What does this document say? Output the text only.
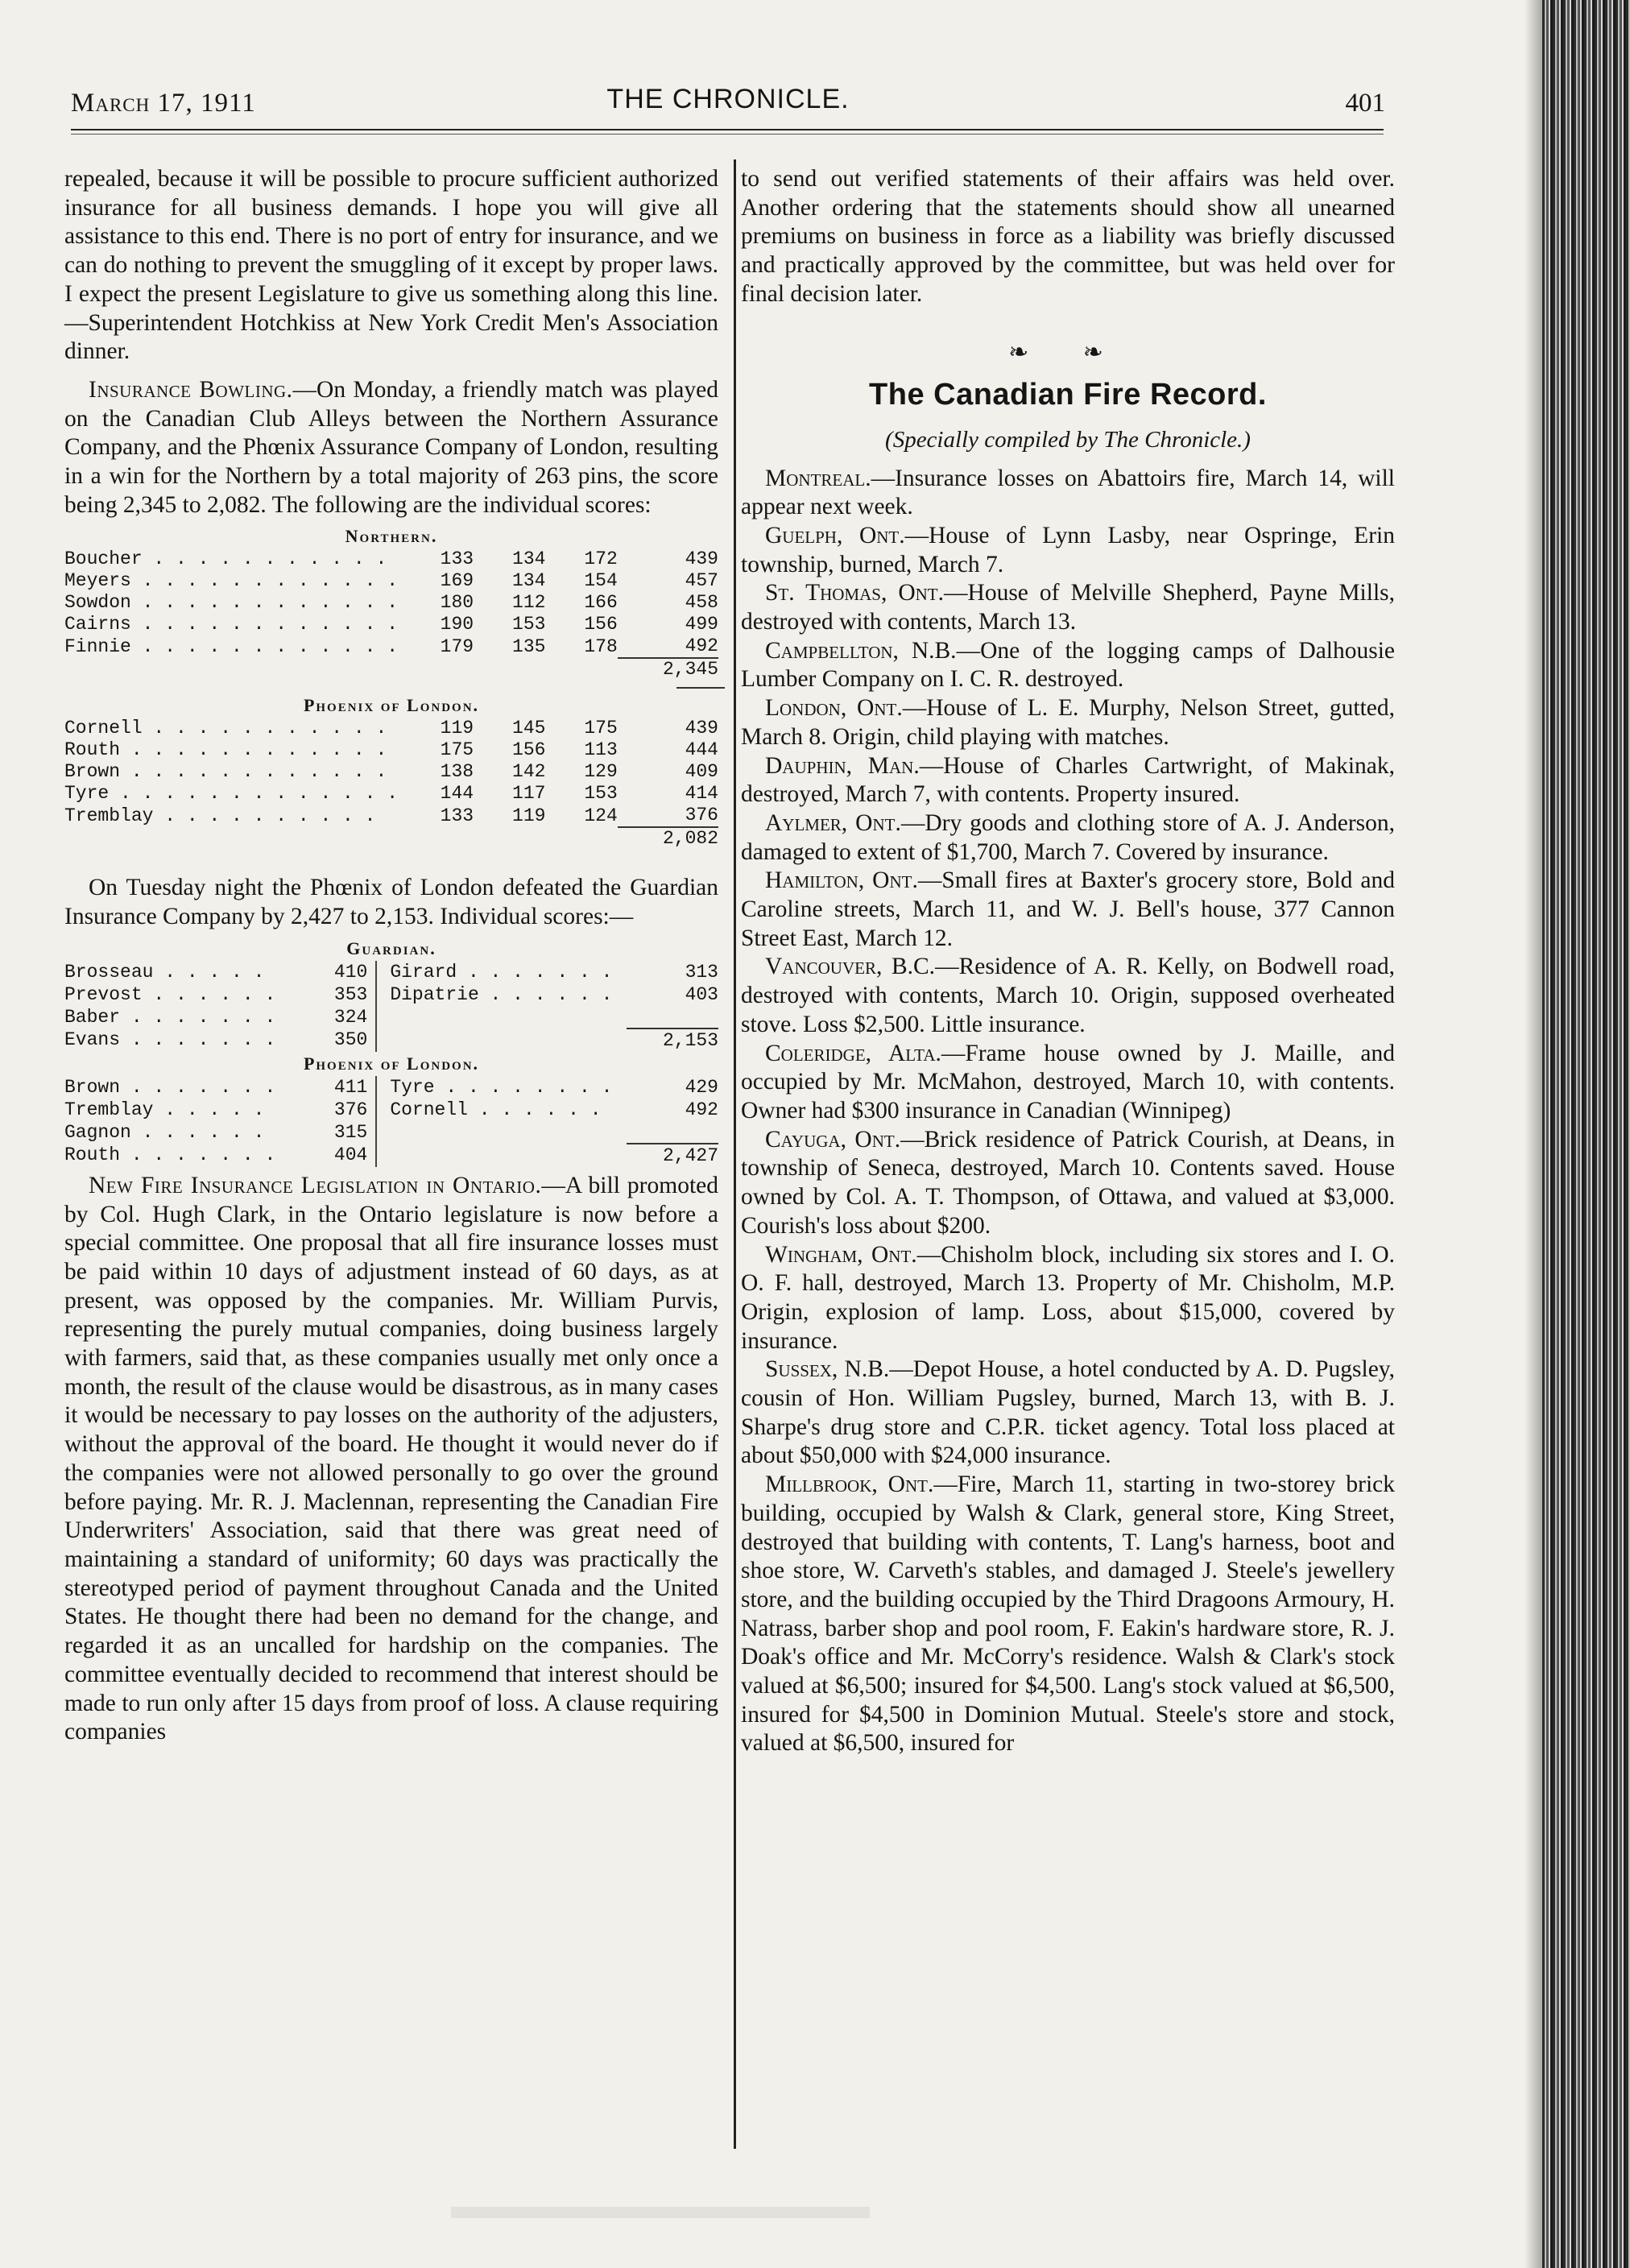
March 17, 1911	THE CHRONICLE.	401

repealed, because it will be possible to procure sufficient authorized insurance for all business demands. I hope you will give all assistance to this end. There is no port of entry for insurance, and we can do nothing to prevent the smuggling of it except by proper laws. I expect the present Legislature to give us something along this line.—Superintendent Hotchkiss at New York Credit Men's Association dinner.

Insurance Bowling.—On Monday, a friendly match was played on the Canadian Club Alleys between the Northern Assurance Company, and the Phœnix Assurance Company of London, resulting in a win for the Northern by a total majority of 263 pins, the score being 2,345 to 2,082. The following are the individual scores:

Northern.
Boucher . . . . . . . . . . .	133	134	172	439
Meyers . . . . . . . . . . . .	169	134	154	457
Sowdon . . . . . . . . . . . .	180	112	166	458
Cairns . . . . . . . . . . . .	190	153	156	499
Finnie . . . . . . . . . . . .	179	135	178	492
				2,345
Phoenix of London.
Cornell . . . . . . . . . . .	119	145	175	439
Routh . . . . . . . . . . . .	175	156	113	444
Brown . . . . . . . . . . . .	138	142	129	409
Tyre . . . . . . . . . . . . .	144	117	153	414
Tremblay . . . . . . . . . .	133	119	124	376
				2,082

On Tuesday night the Phœnix of London defeated the Guardian Insurance Company by 2,427 to 2,153. Individual scores:—

Guardian.
Brosseau . . . . .	410	Girard . . . . . . .	313
Prevost . . . . . .	353	Dipatrie . . . . . .	403
Baber . . . . . . .	324		
Evans . . . . . . .	350		2,153
Phoenix of London.
Brown . . . . . . .	411	Tyre . . . . . . . .	429
Tremblay . . . . .	376	Cornell . . . . . .	492
Gagnon . . . . . .	315		
Routh . . . . . . .	404		2,427

New Fire Insurance Legislation in Ontario.—A bill promoted by Col. Hugh Clark, in the Ontario legislature is now before a special committee. One proposal that all fire insurance losses must be paid within 10 days of adjustment instead of 60 days, as at present, was opposed by the companies. Mr. William Purvis, representing the purely mutual companies, doing business largely with farmers, said that, as these companies usually met only once a month, the result of the clause would be disastrous, as in many cases it would be necessary to pay losses on the authority of the adjusters, without the approval of the board. He thought it would never do if the companies were not allowed personally to go over the ground before paying. Mr. R. J. Maclennan, representing the Canadian Fire Underwriters' Association, said that there was great need of maintaining a standard of uniformity; 60 days was practically the stereotyped period of payment throughout Canada and the United States. He thought there had been no demand for the change, and regarded it as an uncalled for hardship on the companies. The committee eventually decided to recommend that interest should be made to run only after 15 days from proof of loss. A clause requiring companies

to send out verified statements of their affairs was held over. Another ordering that the statements should show all unearned premiums on business in force as a liability was briefly discussed and practically approved by the committee, but was held over for final decision later.

❧ ❧
The Canadian Fire Record.
(Specially compiled by The Chronicle.)

Montreal.—Insurance losses on Abattoirs fire, March 14, will appear next week.

Guelph, Ont.—House of Lynn Lasby, near Ospringe, Erin township, burned, March 7.

St. Thomas, Ont.—House of Melville Shepherd, Payne Mills, destroyed with contents, March 13.

Campbellton, N.B.—One of the logging camps of Dalhousie Lumber Company on I. C. R. destroyed.

London, Ont.—House of L. E. Murphy, Nelson Street, gutted, March 8. Origin, child playing with matches.

Dauphin, Man.—House of Charles Cartwright, of Makinak, destroyed, March 7, with contents. Property insured.

Aylmer, Ont.—Dry goods and clothing store of A. J. Anderson, damaged to extent of $1,700, March 7. Covered by insurance.

Hamilton, Ont.—Small fires at Baxter's grocery store, Bold and Caroline streets, March 11, and W. J. Bell's house, 377 Cannon Street East, March 12.

Vancouver, B.C.—Residence of A. R. Kelly, on Bodwell road, destroyed with contents, March 10. Origin, supposed overheated stove. Loss $2,500. Little insurance.

Coleridge, Alta.—Frame house owned by J. Maille, and occupied by Mr. McMahon, destroyed, March 10, with contents. Owner had $300 insurance in Canadian (Winnipeg)

Cayuga, Ont.—Brick residence of Patrick Courish, at Deans, in township of Seneca, destroyed, March 10. Contents saved. House owned by Col. A. T. Thompson, of Ottawa, and valued at $3,000. Courish's loss about $200.

Wingham, Ont.—Chisholm block, including six stores and I. O. O. F. hall, destroyed, March 13. Property of Mr. Chisholm, M.P. Origin, explosion of lamp. Loss, about $15,000, covered by insurance.

Sussex, N.B.—Depot House, a hotel conducted by A. D. Pugsley, cousin of Hon. William Pugsley, burned, March 13, with B. J. Sharpe's drug store and C.P.R. ticket agency. Total loss placed at about $50,000 with $24,000 insurance.

Millbrook, Ont.—Fire, March 11, starting in two-storey brick building, occupied by Walsh & Clark, general store, King Street, destroyed that building with contents, T. Lang's harness, boot and shoe store, W. Carveth's stables, and damaged J. Steele's jewellery store, and the building occupied by the Third Dragoons Armoury, H. Natrass, barber shop and pool room, F. Eakin's hardware store, R. J. Doak's office and Mr. McCorry's residence. Walsh & Clark's stock valued at $6,500; insured for $4,500. Lang's stock valued at $6,500, insured for $4,500 in Dominion Mutual. Steele's store and stock, valued at $6,500, insured for
